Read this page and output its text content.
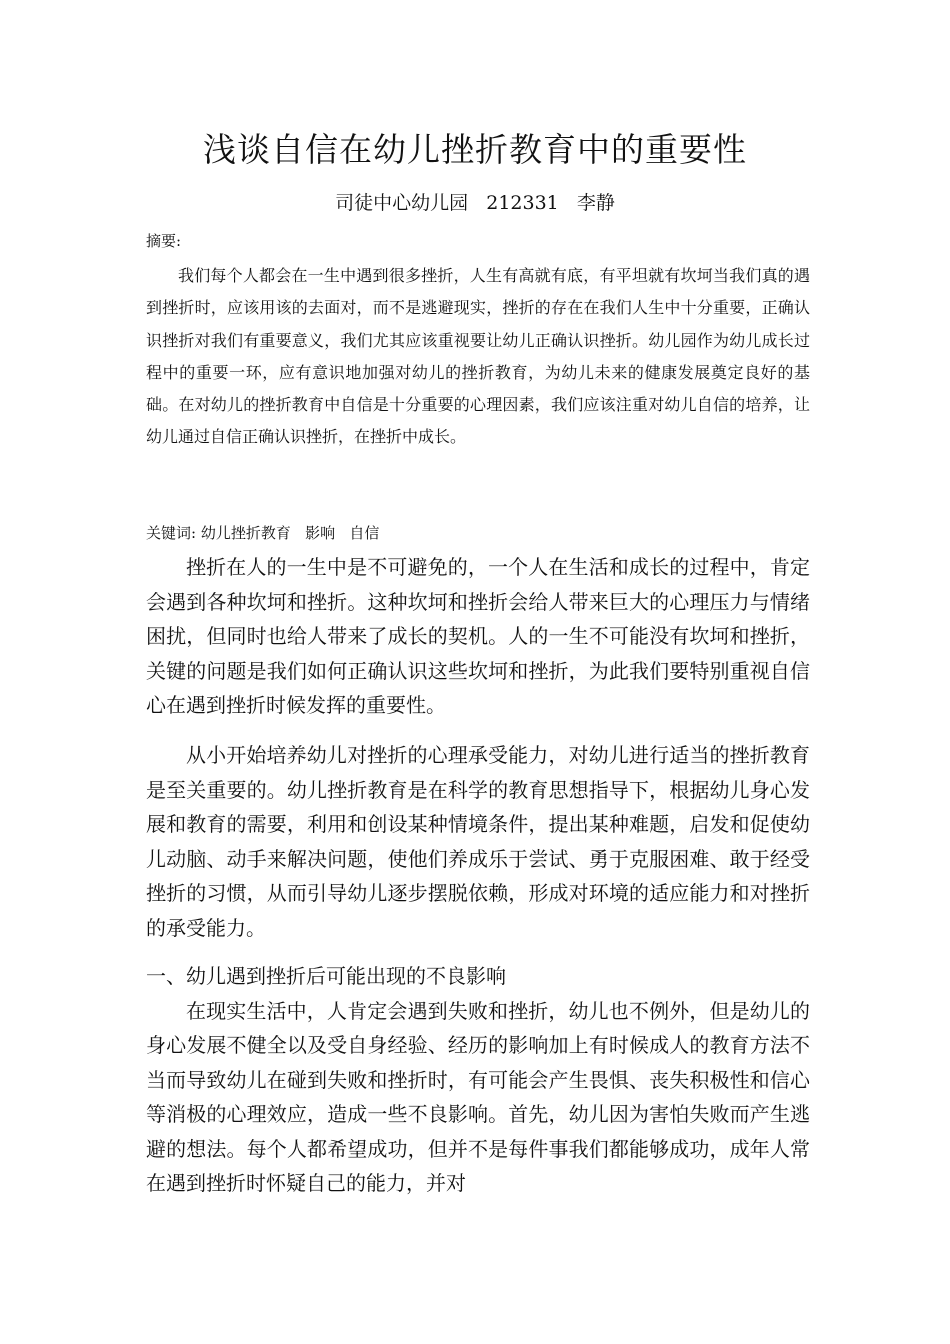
浅谈自信在幼儿挫折教育中的重要性
司徒中心幼儿园   212331   李静
摘要:

我们每个人都会在一生中遇到很多挫折，人生有高就有底，有平坦就有坎坷当我们真的遇到挫折时，应该用该的去面对，而不是逃避现实，挫折的存在在我们人生中十分重要，正确认识挫折对我们有重要意义，我们尤其应该重视要让幼儿正确认识挫折。幼儿园作为幼儿成长过程中的重要一环，应有意识地加强对幼儿的挫折教育，为幼儿未来的健康发展奠定良好的基础。在对幼儿的挫折教育中自信是十分重要的心理因素，我们应该注重对幼儿自信的培养，让幼儿通过自信正确认识挫折，在挫折中成长。

关键词: 幼儿挫折教育   影响   自信

挫折在人的一生中是不可避免的，一个人在生活和成长的过程中，肯定会遇到各种坎坷和挫折。这种坎坷和挫折会给人带来巨大的心理压力与情绪困扰，但同时也给人带来了成长的契机。人的一生不可能没有坎坷和挫折，关键的问题是我们如何正确认识这些坎坷和挫折，为此我们要特别重视自信心在遇到挫折时候发挥的重要性。

从小开始培养幼儿对挫折的心理承受能力，对幼儿进行适当的挫折教育是至关重要的。幼儿挫折教育是在科学的教育思想指导下，根据幼儿身心发展和教育的需要，利用和创设某种情境条件，提出某种难题，启发和促使幼儿动脑、动手来解决问题，使他们养成乐于尝试、勇于克服困难、敢于经受挫折的习惯，从而引导幼儿逐步摆脱依赖，形成对环境的适应能力和对挫折的承受能力。

一、幼儿遇到挫折后可能出现的不良影响

在现实生活中，人肯定会遇到失败和挫折，幼儿也不例外，但是幼儿的身心发展不健全以及受自身经验、经历的影响加上有时候成人的教育方法不当而导致幼儿在碰到失败和挫折时，有可能会产生畏惧、丧失积极性和信心等消极的心理效应，造成一些不良影响。首先，幼儿因为害怕失败而产生逃避的想法。每个人都希望成功，但并不是每件事我们都能够成功，成年人常在遇到挫折时怀疑自己的能力，并对
